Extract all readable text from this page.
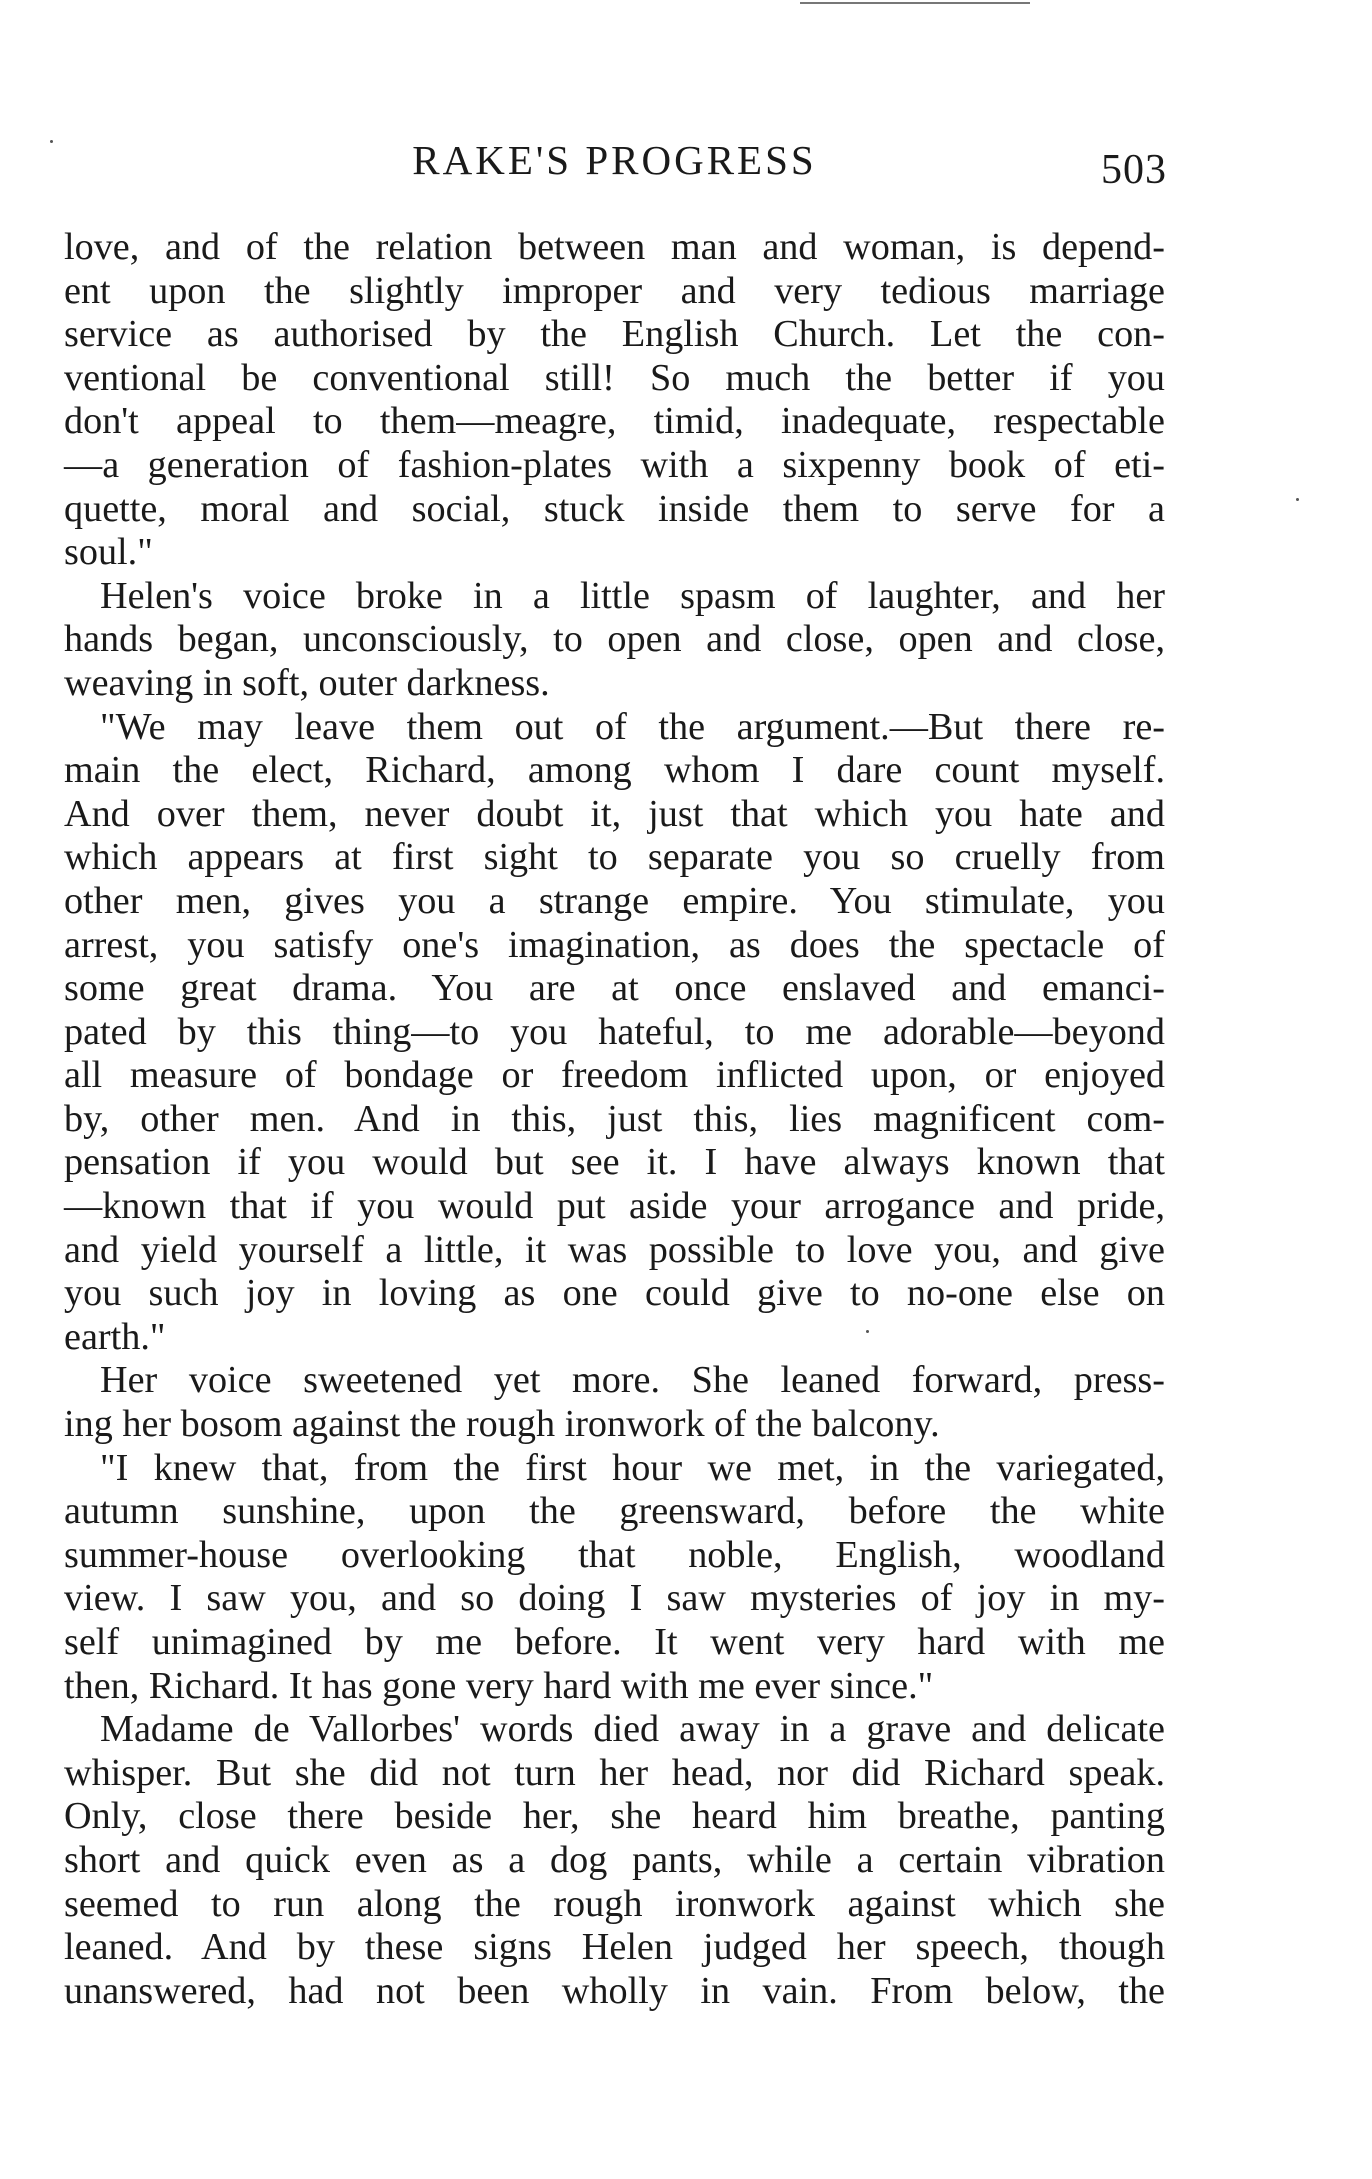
RAKE'S PROGRESS	503
love, and of the relation between man and woman, is depend-
ent upon the slightly improper and very tedious marriage
service as authorised by the English Church. Let the con-
ventional be conventional still! So much the better if you
don't appeal to them—meagre, timid, inadequate, respectable
—a generation of fashion-plates with a sixpenny book of eti-
quette, moral and social, stuck inside them to serve for a
soul."
Helen's voice broke in a little spasm of laughter, and her
hands began, unconsciously, to open and close, open and close,
weaving in soft, outer darkness.
"We may leave them out of the argument.—But there re-
main the elect, Richard, among whom I dare count myself.
And over them, never doubt it, just that which you hate and
which appears at first sight to separate you so cruelly from
other men, gives you a strange empire. You stimulate, you
arrest, you satisfy one's imagination, as does the spectacle of
some great drama. You are at once enslaved and emanci-
pated by this thing—to you hateful, to me adorable—beyond
all measure of bondage or freedom inflicted upon, or enjoyed
by, other men. And in this, just this, lies magnificent com-
pensation if you would but see it. I have always known that
—known that if you would put aside your arrogance and pride,
and yield yourself a little, it was possible to love you, and give
you such joy in loving as one could give to no-one else on
earth."
Her voice sweetened yet more. She leaned forward, press-
ing her bosom against the rough ironwork of the balcony.
"I knew that, from the first hour we met, in the variegated,
autumn sunshine, upon the greensward, before the white
summer-house overlooking that noble, English, woodland
view. I saw you, and so doing I saw mysteries of joy in my-
self unimagined by me before. It went very hard with me
then, Richard. It has gone very hard with me ever since."
Madame de Vallorbes' words died away in a grave and delicate
whisper. But she did not turn her head, nor did Richard speak.
Only, close there beside her, she heard him breathe, panting
short and quick even as a dog pants, while a certain vibration
seemed to run along the rough ironwork against which she
leaned. And by these signs Helen judged her speech, though
unanswered, had not been wholly in vain. From below, the
